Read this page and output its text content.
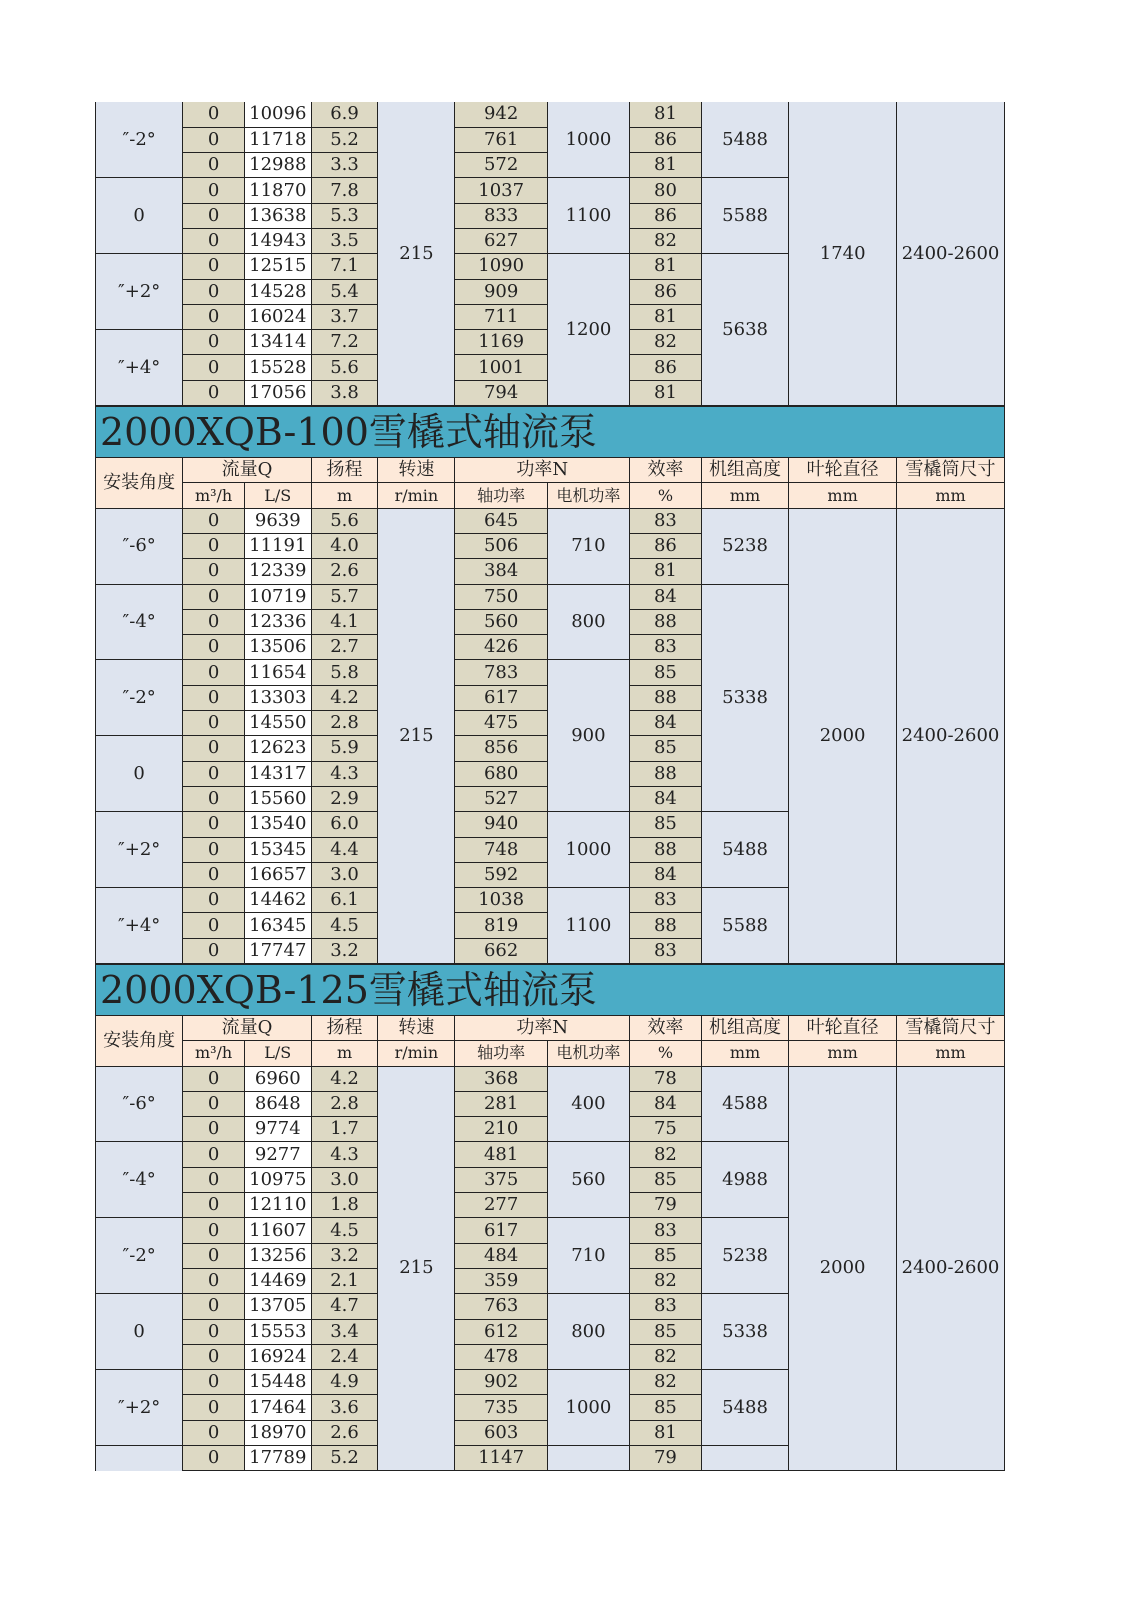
″-2°	0	10096	6.9	215	942	1000	81	5488	1740	2400-2600
	0	11718	5.2		761		86			
	0	12988	3.3		572		81			
0	0	11870	7.8		1037	1100	80	5588		
	0	13638	5.3		833		86			
	0	14943	3.5		627		82			
″+2°	0	12515	7.1		1090	1200	81	5638		
	0	14528	5.4		909		86			
	0	16024	3.7		711		81			
″+4°	0	13414	7.2		1169		82			
	0	15528	5.6		1001		86			
	0	17056	3.8		794		81			
2000XQB-100雪橇式轴流泵										
安装角度	流量Q		扬程	转速	功率N		效率	机组高度	叶轮直径	雪橇筒尺寸
	m³/h	L/S	m	r/min	轴功率	电机功率	%	mm	mm	mm
″-6°	0	9639	5.6	215	645	710	83	5238	2000	2400-2600
	0	11191	4.0		506		86			
	0	12339	2.6		384		81			
″-4°	0	10719	5.7		750	800	84	5338		
	0	12336	4.1		560		88			
	0	13506	2.7		426		83			
″-2°	0	11654	5.8		783	900	85			
	0	13303	4.2		617		88			
	0	14550	2.8		475		84			
0	0	12623	5.9		856		85			
	0	14317	4.3		680		88			
	0	15560	2.9		527		84			
″+2°	0	13540	6.0		940	1000	85	5488		
	0	15345	4.4		748		88			
	0	16657	3.0		592		84			
″+4°	0	14462	6.1		1038	1100	83	5588		
	0	16345	4.5		819		88			
	0	17747	3.2		662		83			
2000XQB-125雪橇式轴流泵										
安装角度	流量Q		扬程	转速	功率N		效率	机组高度	叶轮直径	雪橇筒尺寸
	m³/h	L/S	m	r/min	轴功率	电机功率	%	mm	mm	mm
″-6°	0	6960	4.2	215	368	400	78	4588	2000	2400-2600
	0	8648	2.8		281		84			
	0	9774	1.7		210		75			
″-4°	0	9277	4.3		481	560	82	4988		
	0	10975	3.0		375		85			
	0	12110	1.8		277		79			
″-2°	0	11607	4.5		617	710	83	5238		
	0	13256	3.2		484		85			
	0	14469	2.1		359		82			
0	0	13705	4.7		763	800	83	5338		
	0	15553	3.4		612		85			
	0	16924	2.4		478		82			
″+2°	0	15448	4.9		902	1000	82	5488		
	0	17464	3.6		735		85			
	0	18970	2.6		603		81			
	0	17789	5.2		1147		79			
